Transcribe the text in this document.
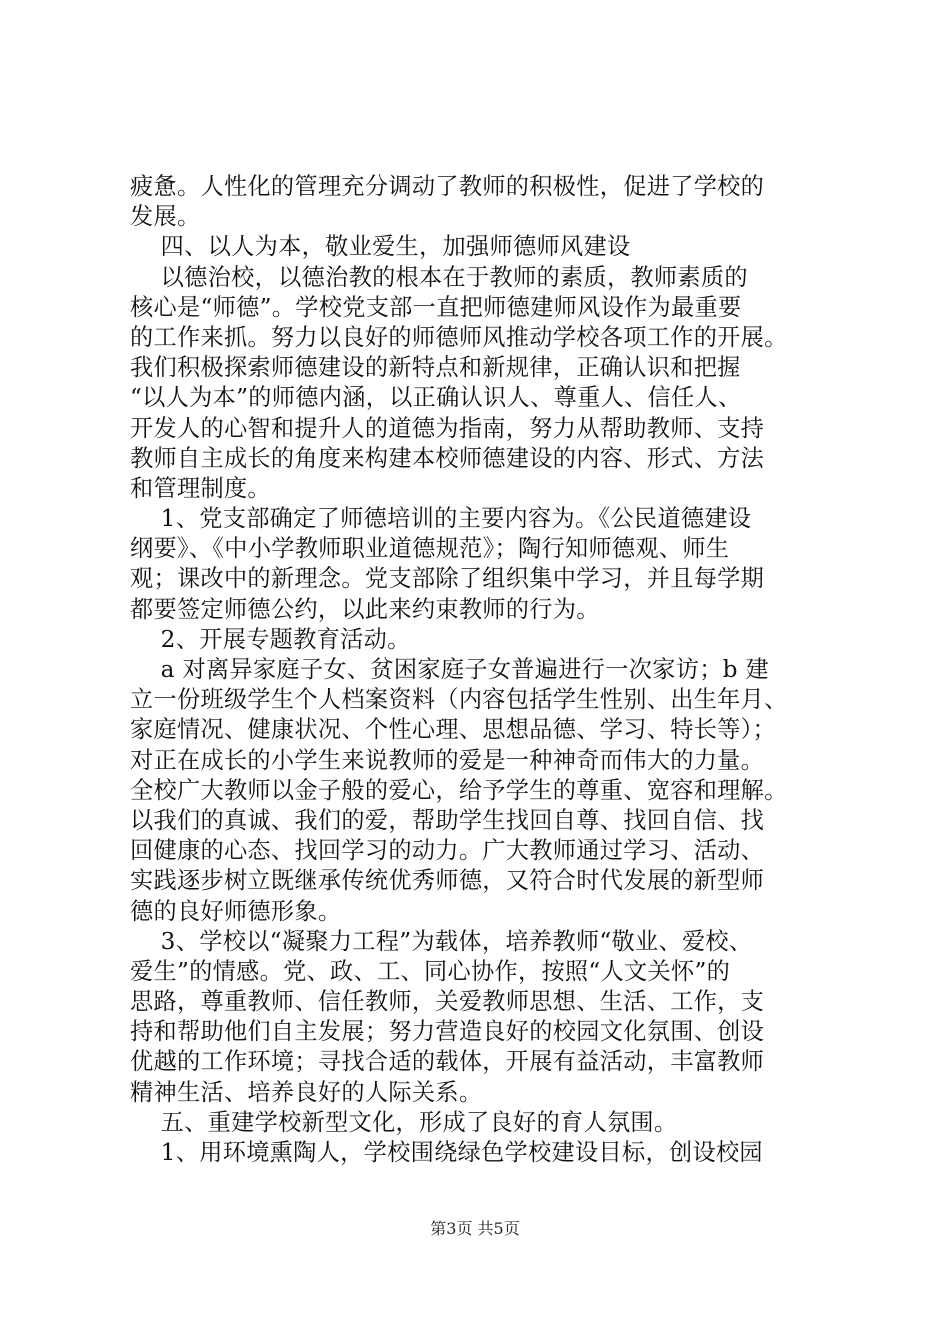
疲惫。人性化的管理充分调动了教师的积极性，促进了学校的
发展。
四、以人为本，敬业爱生，加强师德师风建设
以德治校，以德治教的根本在于教师的素质，教师素质的
核心是“师德”。学校党支部一直把师德建师风设作为最重要
的工作来抓。努力以良好的师德师风推动学校各项工作的开展。
我们积极探索师德建设的新特点和新规律，正确认识和把握
“以人为本”的师德内涵，以正确认识人、尊重人、信任人、
开发人的心智和提升人的道德为指南，努力从帮助教师、支持
教师自主成长的角度来构建本校师德建设的内容、形式、方法
和管理制度。
1、党支部确定了师德培训的主要内容为。《公民道德建设
纲要》、《中小学教师职业道德规范》；陶行知师德观、师生
观；课改中的新理念。党支部除了组织集中学习，并且每学期
都要签定师德公约，以此来约束教师的行为。
2、开展专题教育活动。
a 对离异家庭子女、贫困家庭子女普遍进行一次家访；b 建
立一份班级学生个人档案资料（内容包括学生性别、出生年月、
家庭情况、健康状况、个性心理、思想品德、学习、特长等）；
对正在成长的小学生来说教师的爱是一种神奇而伟大的力量。
全校广大教师以金子般的爱心，给予学生的尊重、宽容和理解。
以我们的真诚、我们的爱，帮助学生找回自尊、找回自信、找
回健康的心态、找回学习的动力。广大教师通过学习、活动、
实践逐步树立既继承传统优秀师德，又符合时代发展的新型师
德的良好师德形象。
3、学校以“凝聚力工程”为载体，培养教师“敬业、爱校、
爱生”的情感。党、政、工、同心协作，按照“人文关怀”的
思路，尊重教师、信任教师，关爱教师思想、生活、工作，支
持和帮助他们自主发展；努力营造良好的校园文化氛围、创设
优越的工作环境；寻找合适的载体，开展有益活动，丰富教师
精神生活、培养良好的人际关系。
五、重建学校新型文化，形成了良好的育人氛围。
1、用环境熏陶人，学校围绕绿色学校建设目标，创设校园
第3页 共5页
